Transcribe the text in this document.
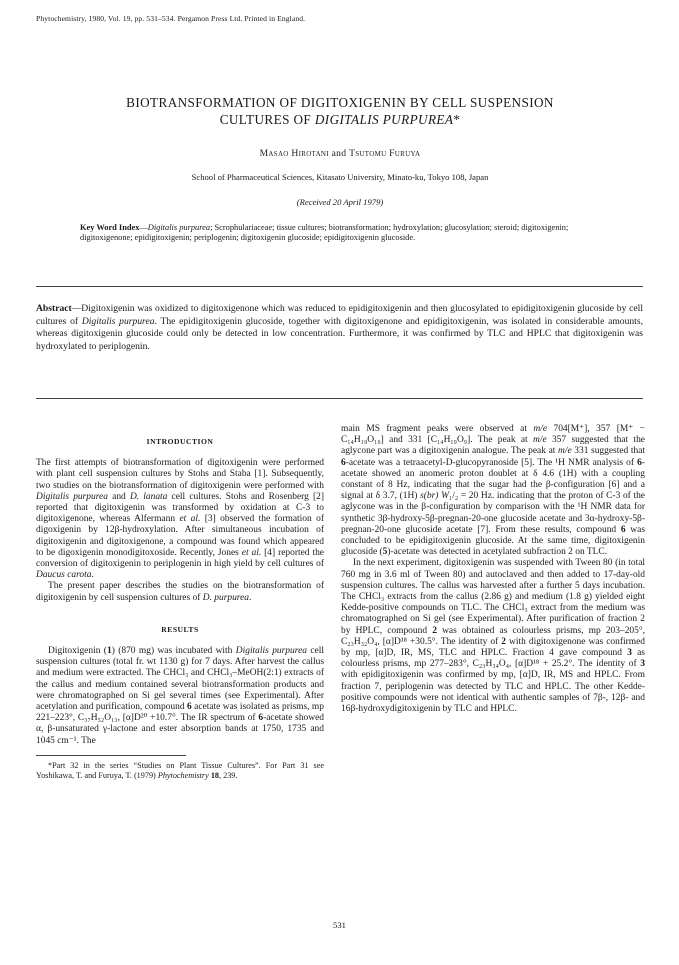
Phytochemistry, 1980, Vol. 19, pp. 531–534. Pergamon Press Ltd. Printed in England.
BIOTRANSFORMATION OF DIGITOXIGENIN BY CELL SUSPENSION
CULTURES OF DIGITALIS PURPUREA*
Masao Hirotani and Tsutomu Furuya
School of Pharmaceutical Sciences, Kitasato University, Minato-ku, Tokyo 108, Japan
(Received 20 April 1979)
Key Word Index—Digitalis purpurea; Scrophulariaceae; tissue cultures; biotransformation; hydroxylation; glucosylation; steroid; digitoxigenin; digitoxigenone; epidigitoxigenin; periplogenin; digitoxigenin glucoside; epidigitoxigenin glucoside.
Abstract—Digitoxigenin was oxidized to digitoxigenone which was reduced to epidigitoxigenin and then glucosylated to epidigitoxigenin glucoside by cell cultures of Digitalis purpurea. The epidigitoxigenin glucoside, together with digitoxigenone and epidigitoxigenin, was isolated in considerable amounts, whereas digitoxigenin glucoside could only be detected in low concentration. Furthermore, it was confirmed by TLC and HPLC that digitoxigenin was hydroxylated to periplogenin.
INTRODUCTION
The first attempts of biotransformation of digitoxigenin were performed with plant cell suspension cultures by Stohs and Staba [1]. Subsequently, two studies on the biotransformation of digitoxigenin were performed with Digitalis purpurea and D. lanata cell cultures. Stohs and Rosenberg [2] reported that digitoxigenin was transformed by oxidation at C-3 to digitoxigenone, whereas Alfermann et al. [3] observed the formation of digoxigenin by 12β-hydroxylation. After simultaneous incubation of digitoxigenin and digitoxigenone, a compound was found which appeared to be digoxigenin monodigitoxoside. Recently, Jones et al. [4] reported the conversion of digitoxigenin to periplogenin in high yield by cell cultures of Daucus carota.
The present paper describes the studies on the biotransformation of digitoxigenin by cell suspension cultures of D. purpurea.
RESULTS
Digitoxigenin (1) (870 mg) was incubated with Digitalis purpurea cell suspension cultures (total fr. wt 1130 g) for 7 days. After harvest the callus and medium were extracted. The CHCl₃ and CHCl₃–MeOH(2:1) extracts of the callus and medium contained several biotransformation products and were chromatographed on Si gel several times (see Experimental). After acetylation and purification, compound 6 acetate was isolated as prisms, mp 221–223°, C₃₇H₅₂O₁₃, [α]D²⁰ +10.7°. The IR spectrum of 6-acetate showed α, β-unsaturated γ-lactone and ester absorption bands at 1750, 1735 and 1045 cm⁻¹. The
*Part 32 in the series “Studies on Plant Tissue Cultures”. For Part 31 see Yoshikawa, T. and Furuya, T. (1979) Phytochemistry 18, 239.
main MS fragment peaks were observed at m/e 704[M⁺], 357 [M⁺ − C₁₄H₁₉O₁₀] and 331 [C₁₄H₁₉O₉]. The peak at m/e 357 suggested that the aglycone part was a digitoxigenin analogue. The peak at m/e 331 suggested that 6-acetate was a tetraacetyl-D-glucopyranoside [5]. The ¹H NMR analysis of 6-acetate showed an anomeric proton doublet at δ 4.6 (1H) with a coupling constant of 8 Hz, indicating that the sugar had the β-configuration [6] and a signal at δ 3.7, (1H) s(br) W₁/₂ = 20 Hz. indicating that the proton of C-3 of the aglycone was in the β-configuration by comparison with the ¹H NMR data for synthetic 3β-hydroxy-5β-pregnan-20-one glucoside acetate and 3α-hydroxy-5β-pregnan-20-one glucoside acetate [7]. From these results, compound 6 was concluded to be epidigitoxigenin glucoside. At the same time, digitoxigenin glucoside (5)-acetate was detected in acetylated subfraction 2 on TLC.
In the next experiment, digitoxigenin was suspended with Tween 80 (in total 760 mg in 3.6 ml of Tween 80) and autoclaved and then added to 17-day-old suspension cultures. The callus was harvested after a further 5 days incubation. The CHCl₃ extracts from the callus (2.86 g) and medium (1.8 g) yielded eight Kedde-positive compounds on TLC. The CHCl₃ extract from the medium was chromatographed on Si gel (see Experimental). After purification of fraction 2 by HPLC, compound 2 was obtained as colourless prisms, mp 203–205°, C₂₃H₃₂O₄, [α]D¹⁸ +30.5°. The identity of 2 with digitoxigenone was confirmed by mp, [α]D, IR, MS, TLC and HPLC. Fraction 4 gave compound 3 as colourless prisms, mp 277–283°, C₂₃H₃₄O₄, [α]D¹⁸ + 25.2°. The identity of 3 with epidigitoxigenin was confirmed by mp, [α]D, IR, MS and HPLC. From fraction 7, periplogenin was detected by TLC and HPLC. The other Kedde-positive compounds were not identical with authentic samples of 7β-, 12β- and 16β-hydroxydigitoxigenin by TLC and HPLC.
531
